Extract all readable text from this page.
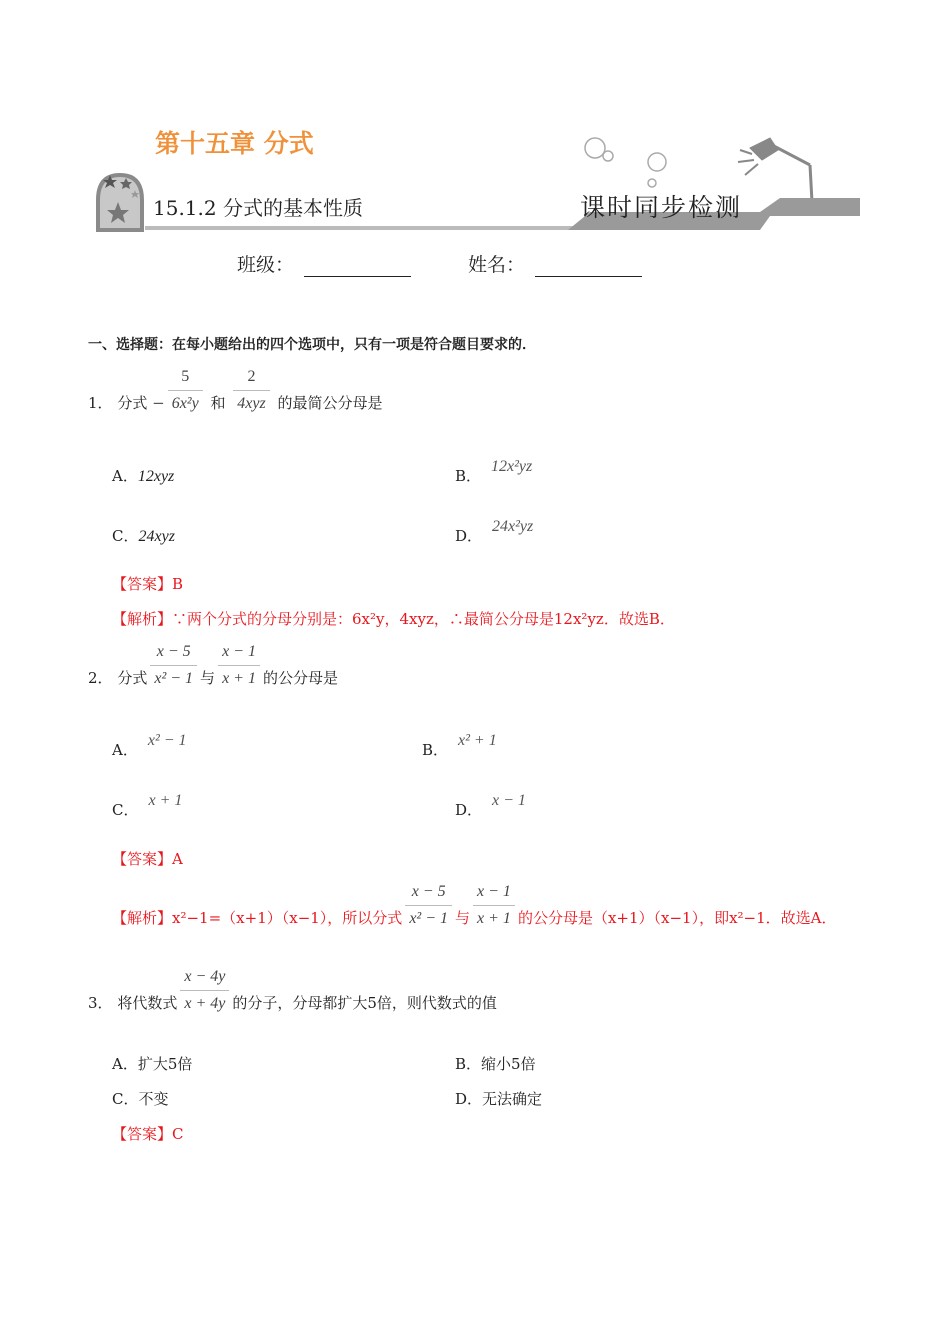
第十五章 分式
15.1.2 分式的基本性质	课时同步检测
班级：	姓名：
一、选择题：在每小题给出的四个选项中，只有一项是符合题目要求的．
1． 分式 − $\frac{5}{\text{6x²y}}$ 和 $\frac{2}{\text{4xyz}}$ 的最简公分母是
A．12xyz	B．12x²yz
C．24xyz	D．24x²yz
【答案】B
【解析】∵两个分式的分母分别是：6x²y，4xyz，∴最简公分母是12x²yz．故选B．
2． 分式 $\frac{x - 5}{\text{x² − 1}}$ 与 $\frac{x - 1}{x + 1}$ 的公分母是
A．x² − 1
B．x² + 1
C．x + 1
D．x − 1
【答案】A
【解析】x²−1=（x+1）（x−1），所以分式 $\frac{x - 5}{\text{x² − 1}}$ 与 $\frac{x - 1}{x + 1}$ 的公分母是（x+1）（x−1），即x²−1．故选A．
3． 将代数式 $\frac{x - 4y}{x + 4y}$ 的分子，分母都扩大5倍，则代数式的值
A．扩大5倍	B．缩小5倍
C．不变	D．无法确定
【答案】C
